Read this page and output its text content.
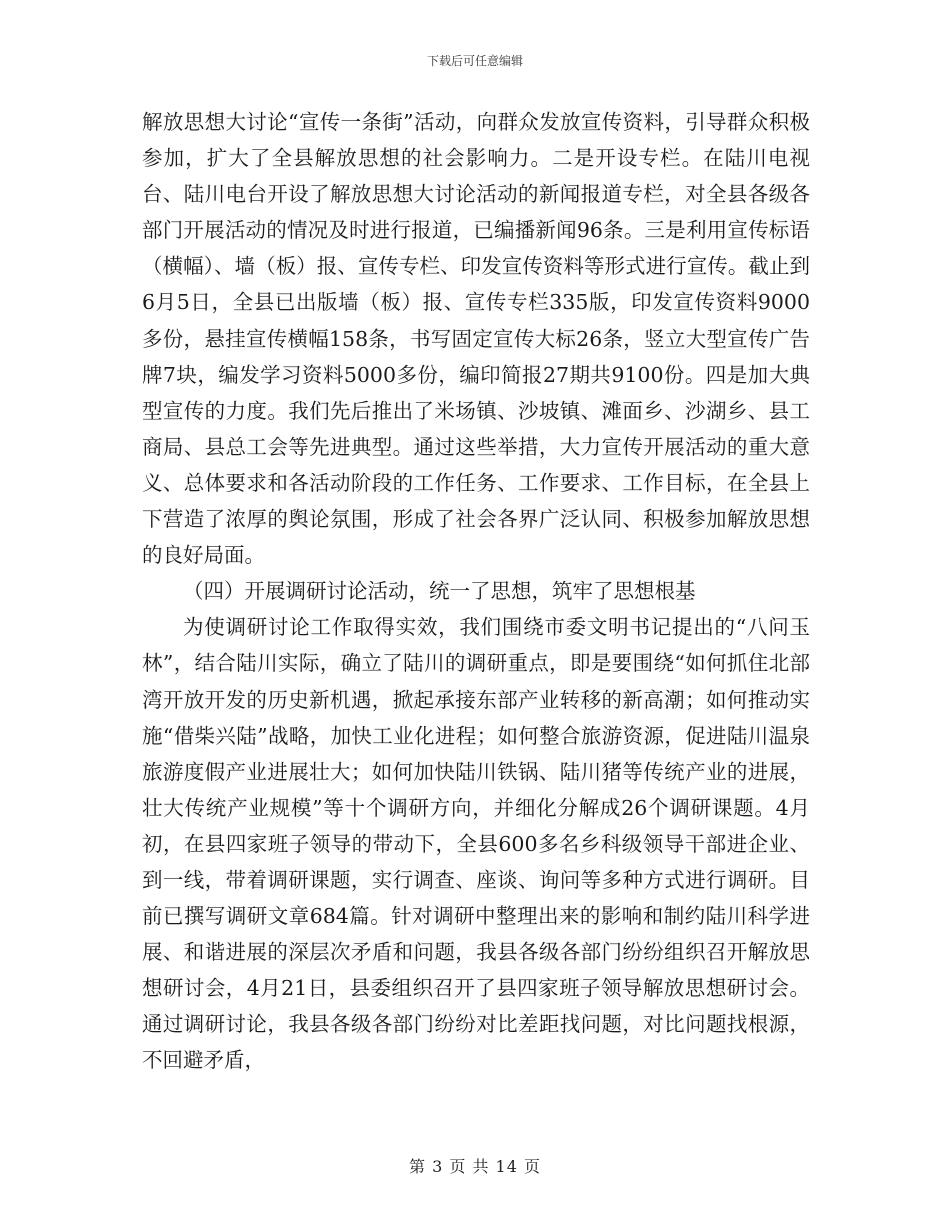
下载后可任意编辑

解放思想大讨论“宣传一条街”活动，向群众发放宣传资料，引导群众积极参加，扩大了全县解放思想的社会影响力。二是开设专栏。在陆川电视台、陆川电台开设了解放思想大讨论活动的新闻报道专栏，对全县各级各部门开展活动的情况及时进行报道，已编播新闻96条。三是利用宣传标语（横幅）、墙（板）报、宣传专栏、印发宣传资料等形式进行宣传。截止到6月5日，全县已出版墙（板）报、宣传专栏335版，印发宣传资料9000多份，悬挂宣传横幅158条，书写固定宣传大标26条，竖立大型宣传广告牌7块，编发学习资料5000多份，编印简报27期共9100份。四是加大典型宣传的力度。我们先后推出了米场镇、沙坡镇、滩面乡、沙湖乡、县工商局、县总工会等先进典型。通过这些举措，大力宣传开展活动的重大意义、总体要求和各活动阶段的工作任务、工作要求、工作目标，在全县上下营造了浓厚的舆论氛围，形成了社会各界广泛认同、积极参加解放思想的良好局面。

（四）开展调研讨论活动，统一了思想，筑牢了思想根基

为使调研讨论工作取得实效，我们围绕市委文明书记提出的“八问玉林”，结合陆川实际，确立了陆川的调研重点，即是要围绕“如何抓住北部湾开放开发的历史新机遇，掀起承接东部产业转移的新高潮；如何推动实施“借柴兴陆”战略，加快工业化进程；如何整合旅游资源，促进陆川温泉旅游度假产业进展壮大；如何加快陆川铁锅、陆川猪等传统产业的进展，壮大传统产业规模”等十个调研方向，并细化分解成26个调研课题。4月初，在县四家班子领导的带动下，全县600多名乡科级领导干部进企业、到一线，带着调研课题，实行调查、座谈、询问等多种方式进行调研。目前已撰写调研文章684篇。针对调研中整理出来的影响和制约陆川科学进展、和谐进展的深层次矛盾和问题，我县各级各部门纷纷组织召开解放思想研讨会，4月21日，县委组织召开了县四家班子领导解放思想研讨会。通过调研讨论，我县各级各部门纷纷对比差距找问题，对比问题找根源，不回避矛盾，

第 3 页 共 14 页
